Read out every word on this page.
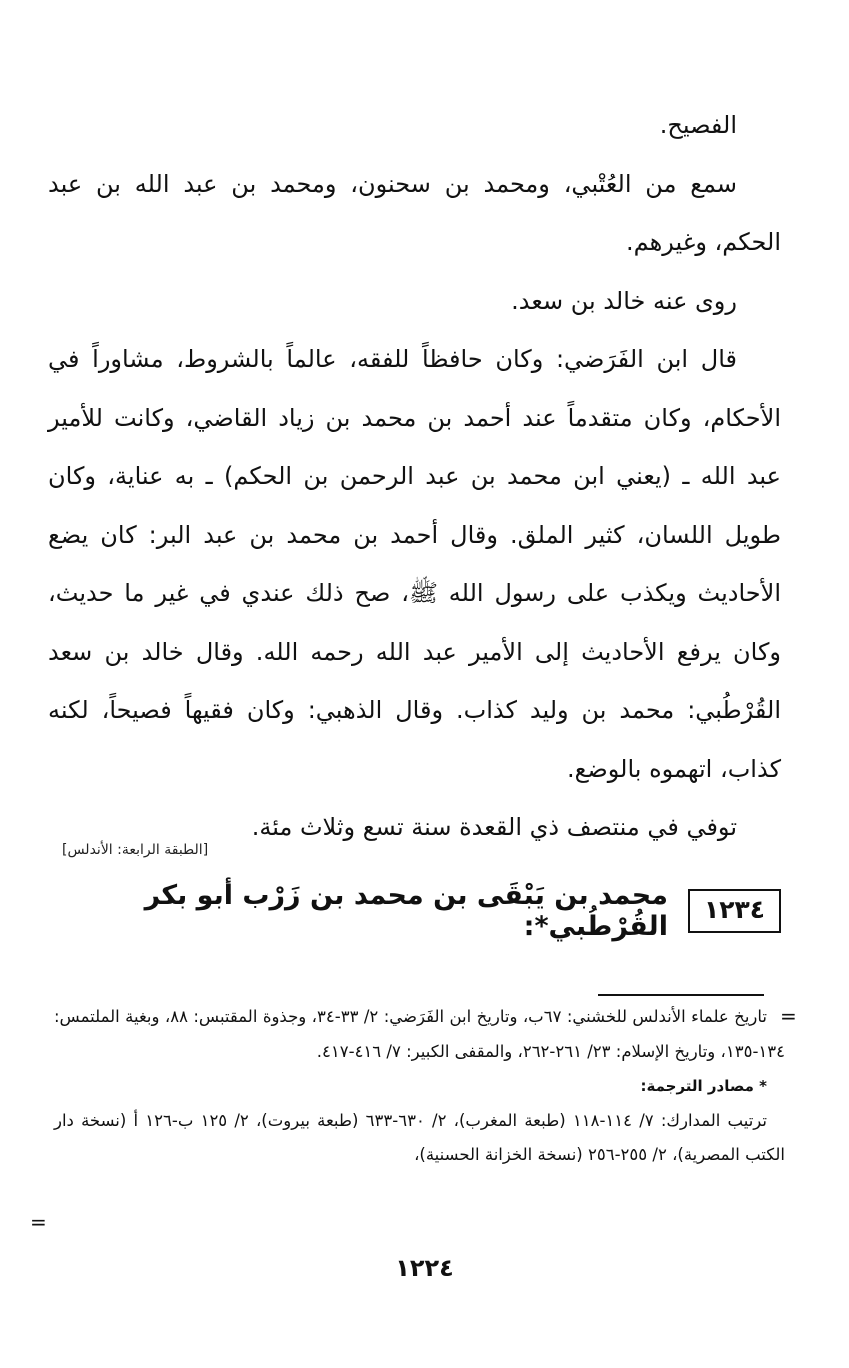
الفصيح.

سمع من العُتْبي، ومحمد بن سحنون، ومحمد بن عبد الله بن عبد الحكم، وغيرهم.

روى عنه خالد بن سعد.

قال ابن الفَرَضي: وكان حافظاً للفقه، عالماً بالشروط، مشاوراً في الأحكام، وكان متقدماً عند أحمد بن محمد بن زياد القاضي، وكانت للأمير عبد الله ـ (يعني ابن محمد بن عبد الرحمن بن الحكم) ـ به عناية، وكان طويل اللسان، كثير الملق. وقال أحمد بن محمد بن عبد البر: كان يضع الأحاديث ويكذب على رسول الله ﷺ، صح ذلك عندي في غير ما حديث، وكان يرفع الأحاديث إلى الأمير عبد الله رحمه الله. وقال خالد بن سعد القُرْطُبي: محمد بن وليد كذاب. وقال الذهبي: وكان فقيهاً فصيحاً، لكنه كذاب، اتهموه بالوضع.

توفي في منتصف ذي القعدة سنة تسع وثلاث مئة.

[الطبقة الرابعة: الأندلس]
١٢٣٤
محمد بن يَبْقَى بن محمد بن زَرْب أبو بكر القُرْطُبي*:
=

تاريخ علماء الأندلس للخشني: ٦٧ب، وتاريخ ابن الفَرَضي: ٢/ ٣٣-٣٤، وجذوة المقتبس: ٨٨، وبغية الملتمس: ١٣٤-١٣٥، وتاريخ الإسلام: ٢٣/ ٢٦١-٢٦٢، والمقفى الكبير: ٧/ ٤١٦-٤١٧.

* مصادر الترجمة:

ترتيب المدارك: ٧/ ١١٤-١١٨ (طبعة المغرب)، ٢/ ٦٣٠-٦٣٣ (طبعة بيروت)، ٢/ ١٢٥ ب-١٢٦ أ (نسخة دار الكتب المصرية)، ٢/ ٢٥٥-٢٥٦ (نسخة الخزانة الحسنية)،

=
١٢٢٤
